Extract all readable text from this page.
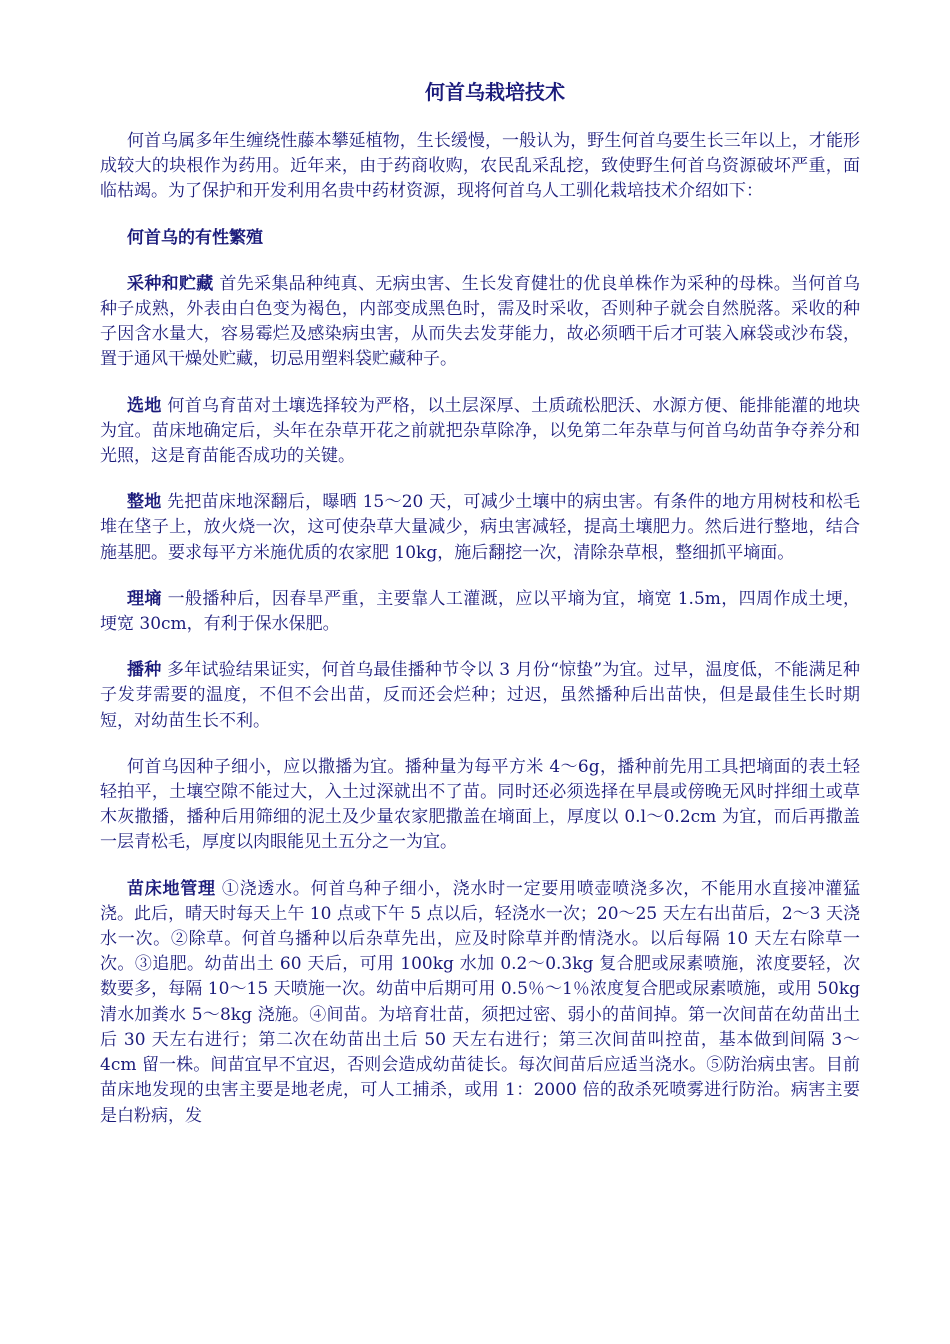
何首乌栽培技术

何首乌属多年生缠绕性藤本攀延植物，生长缓慢，一般认为，野生何首乌要生长三年以上，才能形成较大的块根作为药用。近年来，由于药商收购，农民乱采乱挖，致使野生何首乌资源破坏严重，面临枯竭。为了保护和开发利用名贵中药材资源，现将何首乌人工驯化栽培技术介绍如下：

何首乌的有性繁殖

采种和贮藏 首先采集品种纯真、无病虫害、生长发育健壮的优良单株作为采种的母株。当何首乌种子成熟，外表由白色变为褐色，内部变成黑色时，需及时采收，否则种子就会自然脱落。采收的种子因含水量大，容易霉烂及感染病虫害，从而失去发芽能力，故必须晒干后才可装入麻袋或沙布袋，置于通风干燥处贮藏，切忌用塑料袋贮藏种子。

选地 何首乌育苗对土壤选择较为严格，以土层深厚、土质疏松肥沃、水源方便、能排能灌的地块为宜。苗床地确定后，头年在杂草开花之前就把杂草除净，以免第二年杂草与何首乌幼苗争夺养分和光照，这是育苗能否成功的关键。

整地 先把苗床地深翻后，曝晒 15～20 天，可减少土壤中的病虫害。有条件的地方用树枝和松毛堆在垡子上，放火烧一次，这可使杂草大量减少，病虫害减轻，提高土壤肥力。然后进行整地，结合施基肥。要求每平方米施优质的农家肥 10kg，施后翻挖一次，清除杂草根，整细抓平墒面。

理墒 一般播种后，因春旱严重，主要靠人工灌溉，应以平墒为宜，墒宽 1.5m，四周作成土埂，埂宽 30cm，有利于保水保肥。

播种 多年试验结果证实，何首乌最佳播种节令以 3 月份“惊蛰”为宜。过早，温度低，不能满足种子发芽需要的温度，不但不会出苗，反而还会烂种；过迟，虽然播种后出苗快，但是最佳生长时期短，对幼苗生长不利。

何首乌因种子细小，应以撒播为宜。播种量为每平方米 4～6g，播种前先用工具把墒面的表土轻轻拍平，土壤空隙不能过大，入土过深就出不了苗。同时还必须选择在早晨或傍晚无风时拌细土或草木灰撒播，播种后用筛细的泥土及少量农家肥撒盖在墒面上，厚度以 0.l～0.2cm 为宜，而后再撒盖一层青松毛，厚度以肉眼能见土五分之一为宜。

苗床地管理 ①浇透水。何首乌种子细小，浇水时一定要用喷壶喷浇多次，不能用水直接冲灌猛浇。此后，晴天时每天上午 10 点或下午 5 点以后，轻浇水一次；20～25 天左右出苗后，2～3 天浇水一次。②除草。何首乌播种以后杂草先出，应及时除草并酌情浇水。以后每隔 10 天左右除草一次。③追肥。幼苗出土 60 天后，可用 100kg 水加 0.2～0.3kg 复合肥或尿素喷施，浓度要轻，次数要多，每隔 10～15 天喷施一次。幼苗中后期可用 0.5％～1％浓度复合肥或尿素喷施，或用 50kg 清水加粪水 5～8kg 浇施。④间苗。为培育壮苗，须把过密、弱小的苗间掉。第一次间苗在幼苗出土后 30 天左右进行；第二次在幼苗出土后 50 天左右进行；第三次间苗叫控苗，基本做到间隔 3～4cm 留一株。间苗宜早不宜迟，否则会造成幼苗徒长。每次间苗后应适当浇水。⑤防治病虫害。目前苗床地发现的虫害主要是地老虎，可人工捕杀，或用 1：2000 倍的敌杀死喷雾进行防治。病害主要是白粉病，发
